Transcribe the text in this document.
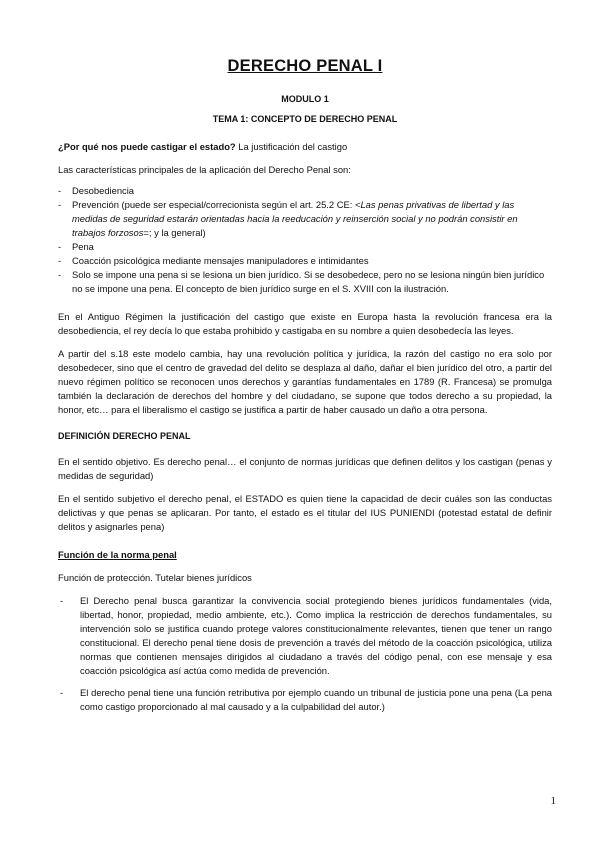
DERECHO PENAL I

MODULO 1

TEMA 1: CONCEPTO DE DERECHO PENAL

¿Por qué nos puede castigar el estado? La justificación del castigo

Las características principales de la aplicación del Derecho Penal son:

- Desobediencia
- Prevención (puede ser especial/correcionista según el art. 25.2 CE: <Las penas privativas de libertad y las medidas de seguridad estarán orientadas hacia la reeducación y reinserción social y no podrán consistir en trabajos forzosos=; y la general)
- Pena
- Coacción psicológica mediante mensajes manipuladores e intimidantes
- Solo se impone una pena si se lesiona un bien jurídico. Si se desobedece, pero no se lesiona ningún bien jurídico no se impone una pena. El concepto de bien jurídico surge en el S. XVIII con la ilustración.

En el Antiguo Régimen la justificación del castigo que existe en Europa hasta la revolución francesa era la desobediencia, el rey decía lo que estaba prohibido y castigaba en su nombre a quien desobedecía las leyes.

A partir del s.18 este modelo cambia, hay una revolución política y jurídica, la razón del castigo no era solo por desobedecer, sino que el centro de gravedad del delito se desplaza al daño, dañar el bien jurídico del otro, a partir del nuevo régimen político se reconocen unos derechos y garantías fundamentales en 1789 (R. Francesa) se promulga también la declaración de derechos del hombre y del ciudadano, se supone que todos derecho a su propiedad, la honor, etc… para el liberalismo el castigo se justifica a partir de haber causado un daño a otra persona.

DEFINICIÓN DERECHO PENAL

En el sentido objetivo. Es derecho penal… el conjunto de normas jurídicas que definen delitos y los castigan (penas y medidas de seguridad)

En el sentido subjetivo el derecho penal, el ESTADO es quien tiene la capacidad de decir cuáles son las conductas delictivas y que penas se aplicaran. Por tanto, el estado es el titular del IUS PUNIENDI (potestad estatal de definir delitos y asignarles pena)

Función de la norma penal

Función de protección. Tutelar bienes jurídicos

- El Derecho penal busca garantizar la convivencia social protegiendo bienes jurídicos fundamentales (vida, libertad, honor, propiedad, medio ambiente, etc.). Como implica la restricción de derechos fundamentales, su intervención solo se justifica cuando protege valores constitucionalmente relevantes, tienen que tener un rango constitucional. El derecho penal tiene dosis de prevención a través del método de la coacción psicológica, utiliza normas que contienen mensajes dirigidos al ciudadano a través del código penal, con ese mensaje y esa coacción psicológica así actúa como medida de prevención.
- El derecho penal tiene una función retributiva por ejemplo cuando un tribunal de justicia pone una pena (La pena como castigo proporcionado al mal causado y a la culpabilidad del autor.)
1
